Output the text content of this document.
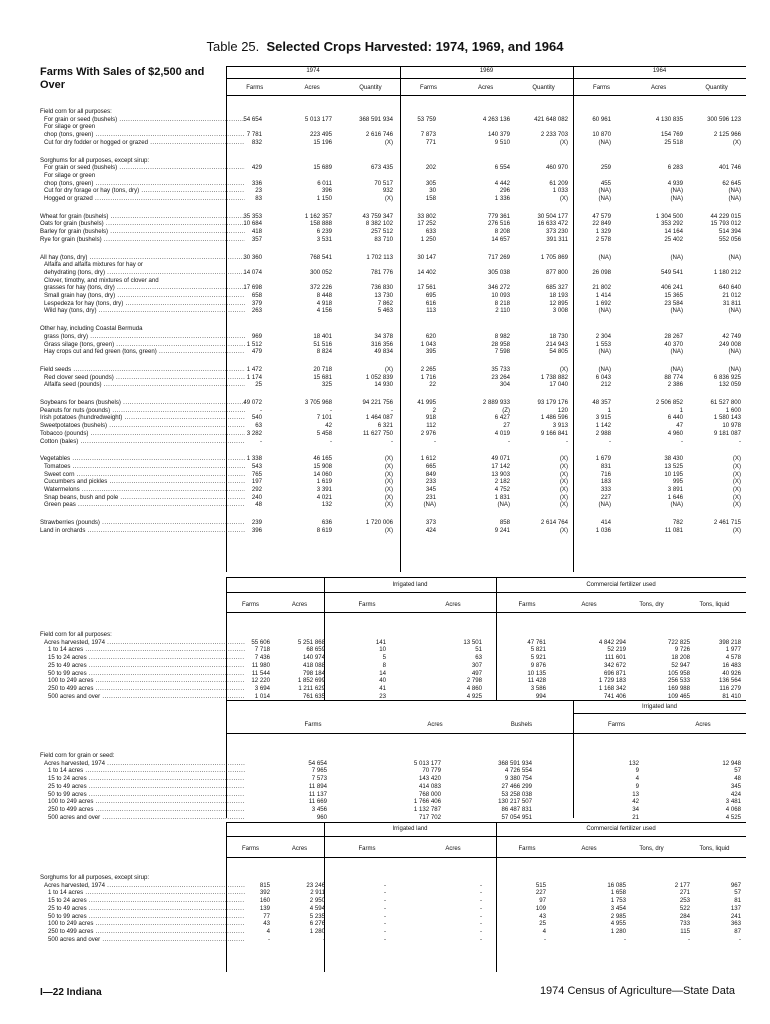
Table 25. Selected Crops Harvested: 1974, 1969, and 1964
Farms With Sales of $2,500 and Over
1974	1969	1964
Farms	Acres	Quantity	Farms	Acres	Quantity	Farms	Acres	Quantity
Field corn for all purposes:
For grain or seed (bushels) .....	54 654	5 013 177	368 591 934	53 759	4 263 136	421 648 082	60 961	4 130 835	300 596 123
For silage or green
chop (tons, green) .....	7 781	223 495	2 616 746	7 873	140 379	2 233 703	10 870	154 769	2 125 966
Cut for dry fodder or hogged or grazed .....	832	15 196	(X)	771	9 510	(X)	(NA)	25 518	(X)
Sorghums for all purposes, except sirup:
For grain or seed (bushels) .....	429	15 689	673 435	202	6 554	460 970	259	6 283	401 746
For silage or green
chop (tons, green) .....	336	6 011	70 517	305	4 442	61 209	455	4 939	62 645
Cut for dry forage or hay (tons, dry) .....	23	396	932	30	296	1 033	(NA)	(NA)	(NA)
Hogged or grazed .....	83	1 150	(X)	158	1 336	(X)	(NA)	(NA)	(NA)
Wheat for grain (bushels) .....	35 353	1 162 357	43 759 347	33 802	779 361	30 504 177	47 579	1 304 500	44 229 015
Oats for grain (bushels) .....	10 684	158 888	8 382 102	17 252	276 516	16 633 472	22 849	353 292	15 793 012
Barley for grain (bushels) .....	418	6 239	257 512	633	8 208	373 230	1 329	14 164	514 394
Rye for grain (bushels) .....	357	3 531	83 710	1 250	14 657	391 311	2 578	25 402	552 056
All hay (tons, dry) .....	30 360	768 541	1 702 113	30 147	717 269	1 705 869	(NA)	(NA)	(NA)
Alfalfa and alfalfa mixtures for hay or
dehydrating (tons, dry) .....	14 074	300 052	781 776	14 402	305 038	877 800	26 098	549 541	1 180 212
Clover, timothy, and mixtures of clover and
grasses for hay (tons, dry) .....	17 698	372 226	736 830	17 561	346 272	685 327	21 802	406 241	640 640
Small grain hay (tons, dry) .....	658	8 448	13 730	695	10 093	18 193	1 414	15 365	21 012
Lespedeza for hay (tons, dry) .....	379	4 918	7 862	616	8 218	12 895	1 692	23 584	31 811
Wild hay (tons, dry) .....	263	4 156	5 463	113	2 110	3 008	(NA)	(NA)	(NA)
Other hay, including Coastal Bermuda
grass (tons, dry) .....	969	18 401	34 378	620	8 982	18 730	2 304	28 267	42 749
Grass silage (tons, green) .....	1 512	51 516	316 356	1 043	28 958	214 943	1 553	40 370	249 008
Hay crops cut and fed green (tons, green) .....	479	8 824	49 834	395	7 598	54 805	(NA)	(NA)	(NA)
Field seeds .....	1 472	20 718	(X)	2 265	35 733	(X)	(NA)	(NA)	(NA)
Red clover seed (pounds) .....	1 174	15 681	1 052 839	1 716	23 264	1 738 882	6 043	88 774	6 836 925
Alfalfa seed (pounds) .....	25	325	14 930	22	304	17 040	212	2 386	132 059
Soybeans for beans (bushels) .....	49 072	3 705 968	94 221 756	41 995	2 889 933	93 179 176	48 357	2 506 852	61 527 800
Peanuts for nuts (pounds) .....	-	-	-	2	(Z)	120	1	1	1 600
Irish potatoes (hundredweight) .....	540	7 101	1 464 087	918	6 427	1 486 596	3 915	6 440	1 580 143
Sweetpotatoes (bushels) .....	63	42	6 321	112	27	3 913	1 142	47	10 978
Tobacco (pounds) .....	3 282	5 458	11 627 750	2 976	4 019	9 166 841	2 988	4 960	9 181 087
Cotton (bales) .....	-	-	-	-	-	-	-	-	-
Vegetables .....	1 338	46 165	(X)	1 612	49 071	(X)	1 679	38 430	(X)
Tomatoes .....	543	15 908	(X)	665	17 142	(X)	831	13 525	(X)
Sweet corn .....	765	14 060	(X)	849	13 903	(X)	716	10 195	(X)
Cucumbers and pickles .....	197	1 619	(X)	233	2 182	(X)	183	995	(X)
Watermelons .....	292	3 391	(X)	345	4 752	(X)	333	3 891	(X)
Snap beans, bush and pole .....	240	4 021	(X)	231	1 831	(X)	227	1 646	(X)
Green peas .....	48	132	(X)	(NA)	(NA)	(X)	(NA)	(NA)	(X)
Strawberries (pounds) .....	239	636	1 720 006	373	858	2 614 764	414	782	2 461 715
Land in orchards .....	396	8 619	(X)	424	9 241	(X)	1 036	11 081	(X)
Irrigated land	Commercial fertilizer used
Farms	Acres	Farms	Acres	Farms	Acres	Tons, dry	Tons, liquid
Field corn for all purposes:
Acres harvested, 1974 .....	55 606	5 251 868	141	13 501	47 761	4 842 294	722 825	398 218
1 to 14 acres .....	7 718	68 659	10	51	5 821	52 219	9 726	1 977
15 to 24 acres .....	7 436	140 974	5	63	5 921	111 601	18 208	4 578
25 to 49 acres .....	11 980	418 088	8	307	9 876	342 672	52 947	16 483
50 to 99 acres .....	11 544	798 184	14	497	10 135	696 871	105 958	40 926
100 to 249 acres .....	12 220	1 852 699	40	2 798	11 428	1 729 183	256 533	136 564
250 to 499 acres .....	3 694	1 211 629	41	4 860	3 586	1 168 342	169 988	116 279
500 acres and over .....	1 014	761 635	23	4 925	994	741 406	109 465	81 410
Irrigated land
Farms	Acres	Bushels	Farms	Acres
Field corn for grain or seed:
Acres harvested, 1974 .....	54 654	5 013 177	368 591 934	132	12 948
1 to 14 acres .....	7 965	70 779	4 726 554	9	57
15 to 24 acres .....	7 573	143 420	9 380 754	4	48
25 to 49 acres .....	11 894	414 083	27 466 299	9	345
50 to 99 acres .....	11 137	768 000	53 258 038	13	424
100 to 249 acres .....	11 669	1 766 406	130 217 507	42	3 481
250 to 499 acres .....	3 456	1 132 787	86 487 831	34	4 068
500 acres and over .....	960	717 702	57 054 951	21	4 525
Irrigated land	Commercial fertilizer used
Farms	Acres	Farms	Acres	Farms	Acres	Tons, dry	Tons, liquid
Sorghums for all purposes, except sirup:
Acres harvested, 1974 .....	815	23 246	-	-	515	16 085	2 177	967
1 to 14 acres .....	392	2 911	-	-	227	1 658	271	57
15 to 24 acres .....	160	2 950	-	-	97	1 753	253	81
25 to 49 acres .....	139	4 594	-	-	109	3 454	522	137
50 to 99 acres .....	77	5 235	-	-	43	2 985	284	241
100 to 249 acres .....	43	6 276	-	-	25	4 955	733	363
250 to 499 acres .....	4	1 280	-	-	4	1 280	115	87
500 acres and over .....	-	-	-	-	-	-	-	-
I—22 Indiana	1974 Census of Agriculture—State Data
